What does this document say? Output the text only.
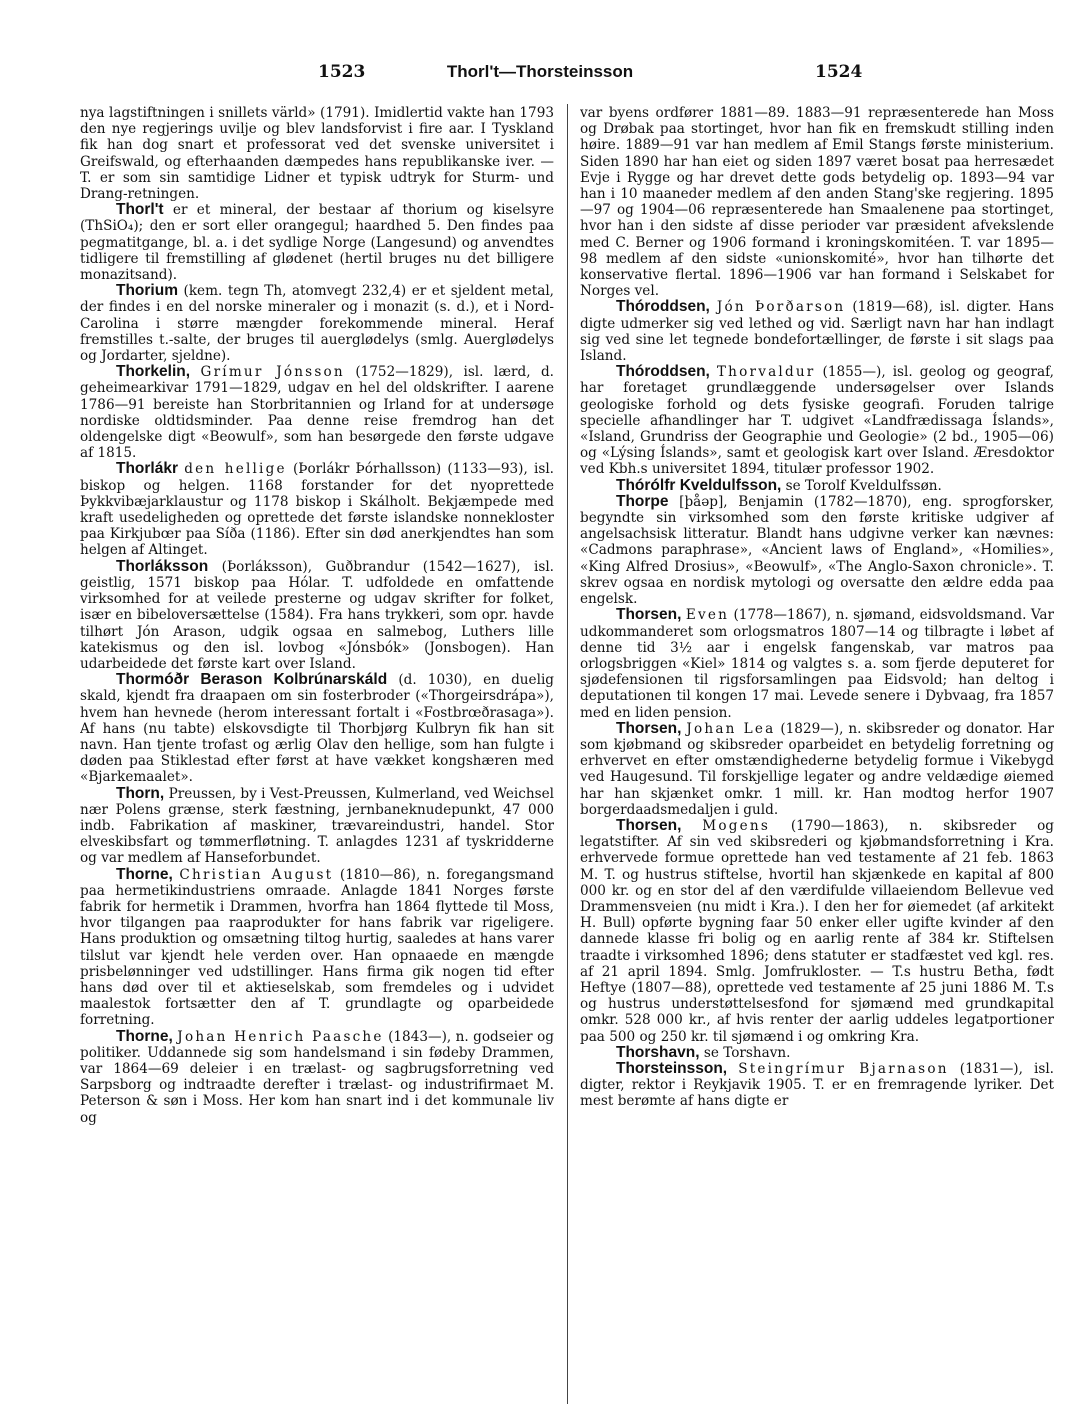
1523	Thorl't—Thorsteinsson	1524

nya lagstiftningen i snillets värld» (1791). Imidlertid vakte han 1793 den nye regjerings uvilje og blev landsforvist i fire aar. I Tyskland fik han dog snart et professorat ved det svenske universitet i Greifswald, og efterhaanden dæmpedes hans republikanske iver. — T. er som sin samtidige Lidner et typisk udtryk for Sturm- und Drang-retningen.

Thorl't er et mineral, der bestaar af thorium og kiselsyre (ThSiO₄); den er sort eller orangegul; haardhed 5. Den findes paa pegmatitgange, bl. a. i det sydlige Norge (Langesund) og anvendtes tidligere til fremstilling af glødenet (hertil bruges nu det billigere monazitsand).

Thorium (kem. tegn Th, atomvegt 232,4) er et sjeldent metal, der findes i en del norske mineraler og i monazit (s. d.), et i Nord-Carolina i større mængder forekommende mineral. Heraf fremstilles t.-salte, der bruges til auerglødelys (smlg. Auerglødelys og Jordarter, sjeldne).

Thorkelin, Grímur Jónsson (1752—1829), isl. lærd, d. geheimearkivar 1791—1829, udgav en hel del oldskrifter. I aarene 1786—91 bereiste han Storbritannien og Irland for at undersøge nordiske oldtidsminder. Paa denne reise fremdrog han det oldengelske digt «Beowulf», som han besørgede den første udgave af 1815.

Thorlákr den hellige (Þorlákr Þórhallsson) (1133—93), isl. biskop og helgen. 1168 forstander for det nyoprettede Þykkvibæjarklaustur og 1178 biskop i Skálholt. Bekjæmpede med kraft usedeligheden og oprettede det første islandske nonnekloster paa Kirkjubœr paa Síða (1186). Efter sin død anerkjendtes han som helgen af Altinget.

Thorláksson (Þorláksson), Guðbrandur (1542—1627), isl. geistlig, 1571 biskop paa Hólar. T. udfoldede en omfattende virksomhed for at veilede presterne og udgav skrifter for folket, især en bibeloversættelse (1584). Fra hans trykkeri, som opr. havde tilhørt Jón Arason, udgik ogsaa en salmebog, Luthers lille katekismus og den isl. lovbog «Jónsbók» (Jonsbogen). Han udarbeidede det første kart over Island.

Thormóðr Berason Kolbrúnarskáld (d. 1030), en duelig skald, kjendt fra draapaen om sin fosterbroder («Thorgeirsdrápa»), hvem han hevnede (herom interessant fortalt i «Fostbrœðrasaga»). Af hans (nu tabte) elskovsdigte til Thorbjørg Kulbryn fik han sit navn. Han tjente trofast og ærlig Olav den hellige, som han fulgte i døden paa Stiklestad efter først at have vækket kongshæren med «Bjarkemaalet».

Thorn, Preussen, by i Vest-Preussen, Kulmerland, ved Weichsel nær Polens grænse, sterk fæstning, jernbaneknudepunkt, 47 000 indb. Fabrikation af maskiner, trævareindustri, handel. Stor elveskibsfart og tømmerfløtning. T. anlagdes 1231 af tyskridderne og var medlem af Hanseforbundet.

Thorne, Christian August (1810—86), n. foregangsmand paa hermetikindustriens omraade. Anlagde 1841 Norges første fabrik for hermetik i Drammen, hvorfra han 1864 flyttede til Moss, hvor tilgangen paa raaprodukter for hans fabrik var rigeligere. Hans produktion og omsætning tiltog hurtig, saaledes at hans varer tilslut var kjendt hele verden over. Han opnaaede en mængde prisbelønninger ved udstillinger. Hans firma gik nogen tid efter hans død over til et aktieselskab, som fremdeles og i udvidet maalestok fortsætter den af T. grundlagte og oparbeidede forretning.

Thorne, Johan Henrich Paasche (1843—), n. godseier og politiker. Uddannede sig som handelsmand i sin fødeby Drammen, var 1864—69 deleier i en trælast- og sagbrugsforretning ved Sarpsborg og indtraadte derefter i trælast- og industrifirmaet M. Peterson & søn i Moss. Her kom han snart ind i det kommunale liv og

var byens ordfører 1881—89. 1883—91 repræsenterede han Moss og Drøbak paa stortinget, hvor han fik en fremskudt stilling inden høire. 1889—91 var han medlem af Emil Stangs første ministerium. Siden 1890 har han eiet og siden 1897 været bosat paa herresædet Evje i Rygge og har drevet dette gods betydelig op. 1893—94 var han i 10 maaneder medlem af den anden Stang'ske regjering. 1895—97 og 1904—06 repræsenterede han Smaalenene paa stortinget, hvor han i den sidste af disse perioder var præsident afvekslende med C. Berner og 1906 formand i kroningskomitéen. T. var 1895—98 medlem af den sidste «unionskomité», hvor han tilhørte det konservative flertal. 1896—1906 var han formand i Selskabet for Norges vel.

Thóroddsen, Jón Þorðarson (1819—68), isl. digter. Hans digte udmerker sig ved lethed og vid. Særligt navn har han indlagt sig ved sine let tegnede bondefortællinger, de første i sit slags paa Island.

Thóroddsen, Thorvaldur (1855—), isl. geolog og geograf, har foretaget grundlæggende undersøgelser over Islands geologiske forhold og dets fysiske geografi. Foruden talrige specielle afhandlinger har T. udgivet «Landfrædissaga Íslands», «Island, Grundriss der Geographie und Geologie» (2 bd., 1905—06) og «Lýsing Íslands», samt et geologisk kart over Island. Æresdoktor ved Kbh.s universitet 1894, titulær professor 1902.

Thórólfr Kveldulfsson, se Torolf Kveldulfssøn.

Thorpe [þåəp], Benjamin (1782—1870), eng. sprogforsker, begyndte sin virksomhed som den første kritiske udgiver af angelsachsisk litteratur. Blandt hans udgivne verker kan nævnes: «Cadmons paraphrase», «Ancient laws of England», «Homilies», «King Alfred Drosius», «Beowulf», «The Anglo-Saxon chronicle». T. skrev ogsaa en nordisk mytologi og oversatte den ældre edda paa engelsk.

Thorsen, Even (1778—1867), n. sjømand, eidsvoldsmand. Var udkommanderet som orlogsmatros 1807—14 og tilbragte i løbet af denne tid 3½ aar i engelsk fangenskab, var matros paa orlogsbriggen «Kiel» 1814 og valgtes s. a. som fjerde deputeret for sjødefensionen til rigsforsamlingen paa Eidsvold; han deltog i deputationen til kongen 17 mai. Levede senere i Dybvaag, fra 1857 med en liden pension.

Thorsen, Johan Lea (1829—), n. skibsreder og donator. Har som kjøbmand og skibsreder oparbeidet en betydelig forretning og erhvervet en efter omstændighederne betydelig formue i Vikebygd ved Haugesund. Til forskjellige legater og andre veldædige øiemed har han skjænket omkr. 1 mill. kr. Han modtog herfor 1907 borgerdaadsmedaljen i guld.

Thorsen, Mogens (1790—1863), n. skibsreder og legatstifter. Af sin ved skibsrederi og kjøbmandsforretning i Kra. erhvervede formue oprettede han ved testamente af 21 feb. 1863 M. T. og hustrus stiftelse, hvortil han skjænkede en kapital af 800 000 kr. og en stor del af den værdifulde villaeiendom Bellevue ved Drammensveien (nu midt i Kra.). I den her for øiemedet (af arkitekt H. Bull) opførte bygning faar 50 enker eller ugifte kvinder af den dannede klasse fri bolig og en aarlig rente af 384 kr. Stiftelsen traadte i virksomhed 1896; dens statuter er stadfæstet ved kgl. res. af 21 april 1894. Smlg. Jomfrukloster. — T.s hustru Betha, født Heftye (1807—88), oprettede ved testamente af 25 juni 1886 M. T.s og hustrus understøttelsesfond for sjømænd med grundkapital omkr. 528 000 kr., af hvis renter der aarlig uddeles legatportioner paa 500 og 250 kr. til sjømænd i og omkring Kra.

Thorshavn, se Torshavn.

Thorsteinsson, Steingrímur Bjarnason (1831—), isl. digter, rektor i Reykjavik 1905. T. er en fremragende lyriker. Det mest berømte af hans digte er
